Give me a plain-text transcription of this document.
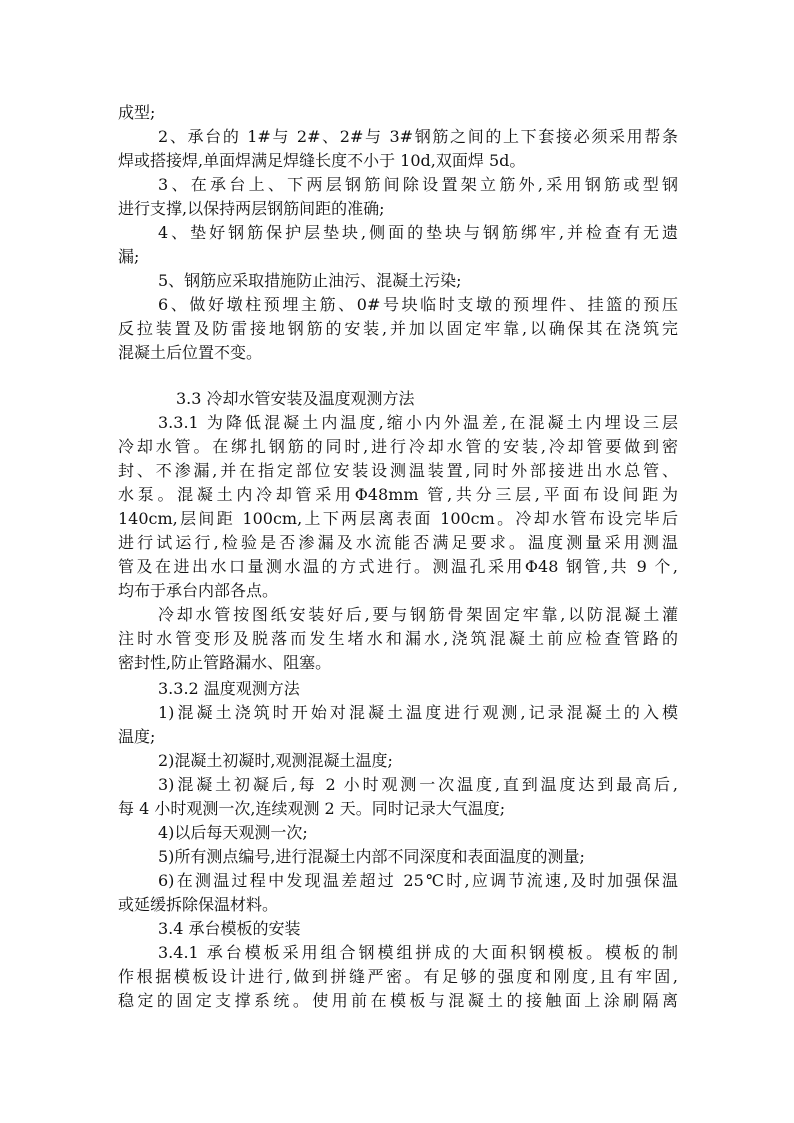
成型;
2、承台的 1#与 2#、2#与 3#钢筋之间的上下套接必须采用帮条
焊或搭接焊,单面焊满足焊缝长度不小于 10d,双面焊 5d。
3、在承台上、下两层钢筋间除设置架立筋外,采用钢筋或型钢
进行支撑,以保持两层钢筋间距的准确;
4、垫好钢筋保护层垫块,侧面的垫块与钢筋绑牢,并检查有无遗
漏;
5、钢筋应采取措施防止油污、混凝土污染;
6、做好墩柱预埋主筋、0#号块临时支墩的预埋件、挂篮的预压
反拉装置及防雷接地钢筋的安装,并加以固定牢靠,以确保其在浇筑完
混凝土后位置不变。
3.3 冷却水管安装及温度观测方法
3.3.1 为降低混凝土内温度,缩小内外温差,在混凝土内埋设三层
冷却水管。在绑扎钢筋的同时,进行冷却水管的安装,冷却管要做到密
封、不渗漏,并在指定部位安装设测温装置,同时外部接进出水总管、
水泵。混凝土内冷却管采用Φ48mm 管,共分三层,平面布设间距为
140cm,层间距 100cm,上下两层离表面 100cm。冷却水管布设完毕后
进行试运行,检验是否渗漏及水流能否满足要求。温度测量采用测温
管及在进出水口量测水温的方式进行。测温孔采用Φ48 钢管,共 9 个,
均布于承台内部各点。
冷却水管按图纸安装好后,要与钢筋骨架固定牢靠,以防混凝土灌
注时水管变形及脱落而发生堵水和漏水,浇筑混凝土前应检查管路的
密封性,防止管路漏水、阻塞。
3.3.2 温度观测方法
1)混凝土浇筑时开始对混凝土温度进行观测,记录混凝土的入模
温度;
2)混凝土初凝时,观测混凝土温度;
3)混凝土初凝后,每 2 小时观测一次温度,直到温度达到最高后,
每 4 小时观测一次,连续观测 2 天。同时记录大气温度;
4)以后每天观测一次;
5)所有测点编号,进行混凝土内部不同深度和表面温度的测量;
6)在测温过程中发现温差超过 25℃时,应调节流速,及时加强保温
或延缓拆除保温材料。
3.4 承台模板的安装
3.4.1 承台模板采用组合钢模组拼成的大面积钢模板。模板的制
作根据模板设计进行,做到拼缝严密。有足够的强度和刚度,且有牢固,
稳定的固定支撑系统。使用前在模板与混凝土的接触面上涂刷隔离
